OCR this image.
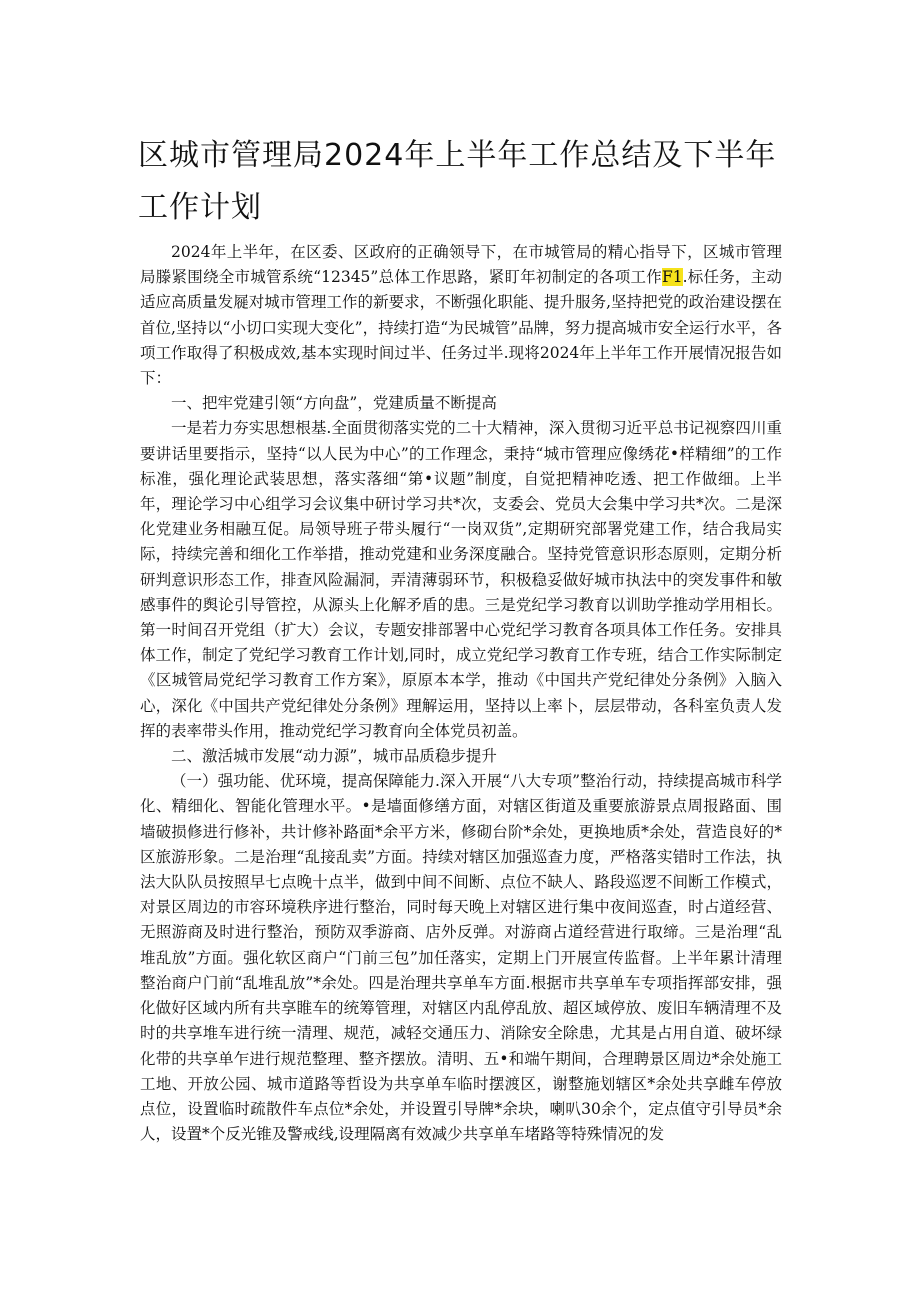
区城市管理局2024年上半年工作总结及下半年工作计划

2024年上半年，在区委、区政府的正确领导下，在市城管局的精心指导下，区城市管理局滕紧围绕全市城管系统“12345”总体工作思路，紧盯年初制定的各项工作F1.标任务，主动适应高质量发屣对城市管理工作的新要求，不断强化职能、提升服务,坚持把党的政治建设摆在首位,坚持以“小切口实现大变化”，持续打造“为民城管”品牌，努力提高城市安全运行水平，各项工作取得了积极成效,基本实现时间过半、任务过半.现将2024年上半年工作开展情况报告如下：

一、把牢党建引领“方向盘”，党建质量不断提高

一是若力夯实思想根基.全面贯彻落实党的二十大精神，深入贯彻习近平总书记视察四川重要讲话里要指示，坚持“以人民为中心”的工作理念，秉持“城市管理应像绣花•样精细”的工作标准，强化理论武装思想，落实落细“第•议题”制度，自觉把精神吃透、把工作做细。上半年，理论学习中心组学习会议集中研讨学习共*次，支委会、党员大会集中学习共*次。二是深化党建业务相融互促。局领导班子带头履行“一岗双货”,定期研究部署党建工作，结合我局实际，持续完善和细化工作举措，推动党建和业务深度融合。坚持党管意识形态原则，定期分析研判意识形态工作，排查风险漏洞，弄清薄弱环节，积极稳妥做好城市执法中的突发事件和敏感事件的舆论引导管控，从源头上化解矛盾的患。三是党纪学习教育以训助学推动学用相长。第一时间召开党组（扩大）会议，专题安排部署中心党纪学习教育各项具体工作任务。安排具体工作，制定了党纪学习教育工作计划,同时，成立党纪学习教育工作专班，结合工作实际制定《区城管局党纪学习教育工作方案》，原原本本学，推动《中国共产党纪律处分条例》入脑入心，深化《中国共产党纪律处分条例》理解运用，坚持以上率卜，层层带动，各科室负责人发挥的表率带头作用，推动党纪学习教育向全体党员初盖。

二、激活城市发展“动力源”，城市品质稳步提升

（一）强功能、优环境，提高保障能力.深入开展“八大专项”整治行动，持续提高城市科学化、精细化、智能化管理水平。•是墙面修缮方面，对辖区街道及重要旅游景点周报路面、围墙破损修进行修补，共计修补路面*余平方米，修砌台阶*余处，更换地质*余处，营造良好的*区旅游形象。二是治理“乱接乱卖”方面。持续对辖区加强巡查力度，严格落实错时工作法，执法大队队员按照早七点晚十点半，做到中间不间断、点位不缺人、路段巡逻不间断工作模式，对景区周边的市容环境秩序进行整治，同时每天晚上对辖区进行集中夜间巡查，时占道经营、无照游商及时进行整治，预防双季游商、店外反弹。对游商占道经营进行取缔。三是治理“乱堆乱放”方面。强化软区商户“门前三包”加任落实，定期上门开展宣传监督。上半年累计清理整治商户门前“乱堆乱放”*余处。四是治理共享单车方面.根据市共享单车专项指挥部安排，强化做好区域内所有共享睢车的统筹管理，对辖区内乱停乱放、超区域停放、废旧车辆清理不及时的共享堆车进行统一清理、规范，减轻交通压力、消除安全除患，尤其是占用自道、破坏绿化带的共享单乍进行规范整理、整齐摆放。清明、五•和端午期间，合理聘景区周边*余处施工工地、开放公园、城市道路等哲设为共享单车临时摆渡区，谢整施划辖区*余处共享雌车停放点位，设置临时疏散件车点位*余处，并设置引导牌*余块，喇叭30余个，定点值守引导员*余人，设置*个反光锥及警戒线,设理隔离有效减少共享单车堵路等特殊情况的发
